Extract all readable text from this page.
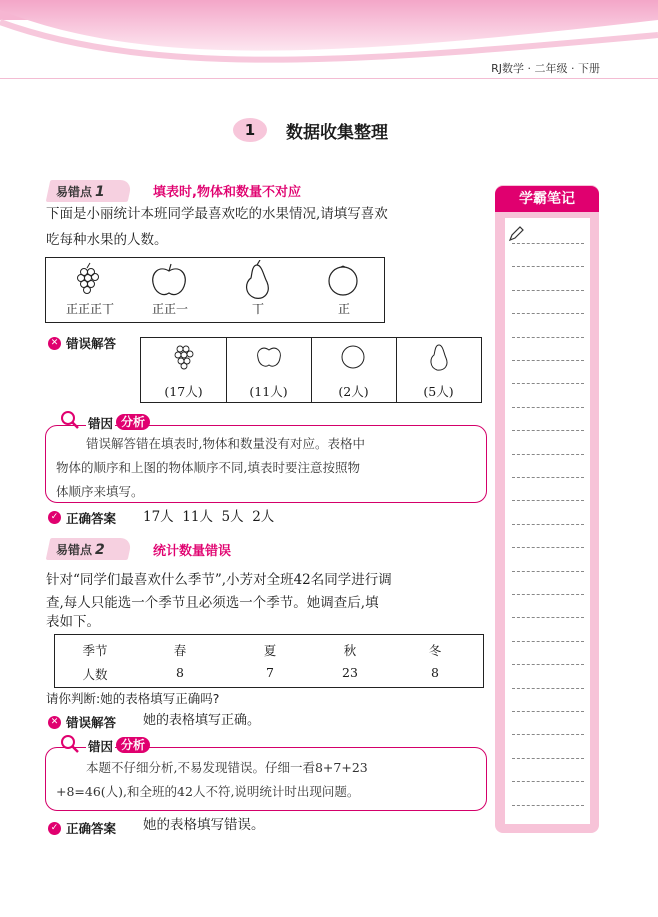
RJ数学 · 二年级 · 下册
1	数据收集整理
学霸笔记
易错点 1	填表时,物体和数量不对应
下面是小丽统计本班同学最喜欢吃的水果情况,请填写喜欢
吃每种水果的人数。
正正正丅	正正一	丅	正
✕ 错误解答
(17人)	(11人)	(2人)	(5人)
错因 分析
错误解答错在填表时,物体和数量没有对应。表格中
物体的顺序和上图的物体顺序不同,填表时要注意按照物
体顺序来填写。
✓ 正确答案 17人  11人  5人  2人
易错点 2	统计数量错误
针对“同学们最喜欢什么季节”,小芳对全班42名同学进行调
查,每人只能选一个季节且必须选一个季节。她调查后,填
表如下。
季节	春	夏	秋	冬
人数	8	7	23	8
请你判断:她的表格填写正确吗?
✕ 错误解答 她的表格填写正确。
错因 分析
本题不仔细分析,不易发现错误。仔细一看8+7+23
+8=46(人),和全班的42人不符,说明统计时出现问题。
✓ 正确答案 她的表格填写错误。
